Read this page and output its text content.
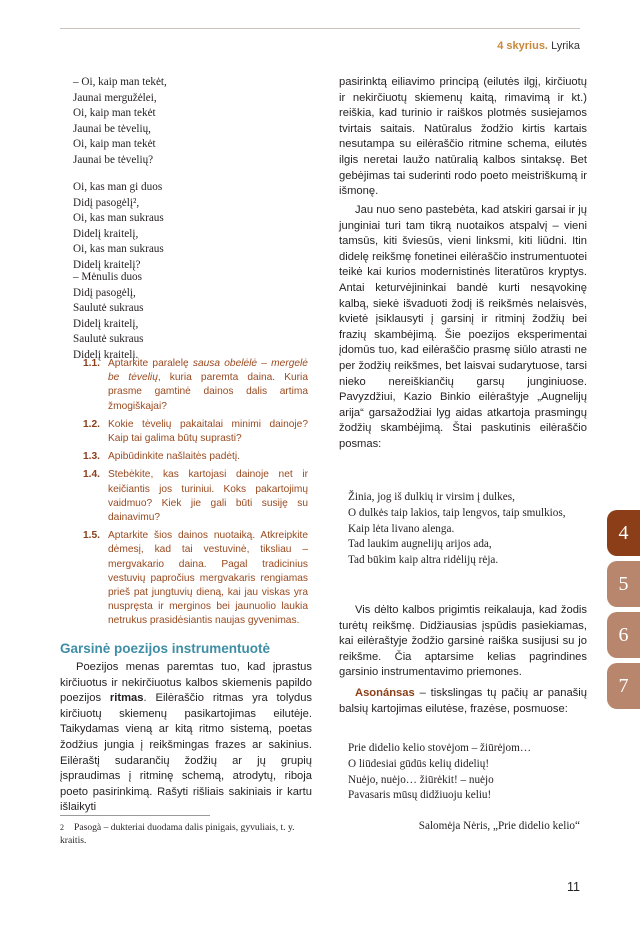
4 skyrius. Lyrika
– Oi, kaip man tekėt,
Jaunai mergužėlei,
Oi, kaip man tekėt
Jaunai be tėvelių,
Oi, kaip man tekėt
Jaunai be tėvelių?
Oi, kas man gi duos
Didį pasogėlį²,
Oi, kas man sukraus
Didelį kraitelį,
Oi, kas man sukraus
Didelį kraitelį?
– Mėnulis duos
Didį pasogėlį,
Saulutė sukraus
Didelį kraitelį,
Saulutė sukraus
Didelį kraitelį.
1.1. Aptarkite paralelę sausa obelėlė – mergelė be tėvelių, kuria paremta daina. Kuria prasme gamtinė dainos dalis artima žmogiškajai?
1.2. Kokie tėvelių pakaitalai minimi dainoje? Kaip tai galima būtų suprasti?
1.3. Apibūdinkite našlaitės padėtį.
1.4. Stebėkite, kas kartojasi dainoje net ir keičiantis jos turiniui. Koks pakartojimų vaidmuo? Kiek jie gali būti susiję su dainavimu?
1.5. Aptarkite šios dainos nuotaiką. Atkreipkite dėmesį, kad tai vestuvinė, tiksliau – mergvakario daina. Pagal tradicinius vestuvių papročius mergvakaris rengiamas prieš pat jungtuvių dieną, kai jau viskas yra nuspręsta ir merginos bei jaunuolio laukia netrukus prasidėsiantis naujas gyvenimas.
Garsinė poezijos instrumentuotė
Poezijos menas paremtas tuo, kad įprastus kirčiuotus ir nekirčiuotus kalbos skiemenis papildo poezijos ritmas. Eilėraščio ritmas yra tolydus kirčiuotų skiemenų pasikartojimas eilutėje. Taikydamas vieną ar kitą ritmo sistemą, poetas žodžius jungia į reikšmingas frazes ar sakinius. Eilėraštį sudarančių žodžių ar jų grupių įspraudimas į ritminę schemą, atrodytų, riboja poeto pasirinkimą. Rašyti rišliais sakiniais ir kartu išlaikyti
2 Pasogà – dukteriai duodama dalis pinigais, gyvuliais, t. y. kraitis.
pasirinktą eiliavimo principą (eilutės ilgį, kirčiuotų ir nekirčiuotų skiemenų kaitą, rimavimą ir kt.) reiškia, kad turinio ir raiškos plotmės susiejamos tvirtais saitais. Natūralus žodžio kirtis kartais nesutampa su eilėraščio ritmine schema, eilutės ilgis neretai laužo natūralią kalbos sintaksę. Bet gebėjimas tai suderinti rodo poeto meistriškumą ir išmonę.
Jau nuo seno pastebėta, kad atskiri garsai ir jų junginiai turi tam tikrą nuotaikos atspalvį – vieni tamsūs, kiti šviesūs, vieni linksmi, kiti liūdni. Itin didelę reikšmę fonetinei eilėraščio instrumentuotei teikė kai kurios modernistinės literatūros kryptys. Antai keturvėjininkai bandė kurti nesąvokinę kalbą, siekė išvaduoti žodį iš reikšmės nelaisvės, kvietė įsiklausyti į garsinį ir ritminį žodžių bei frazių skambėjimą. Šie poezijos eksperimentai įdomūs tuo, kad eilėraščio prasmę siūlo atrasti ne per žodžių reikšmes, bet laisvai sudarytuose, tarsi nieko nereiškiančių garsų junginiuose. Pavyzdžiui, Kazio Binkio eilėraštyje „Augnelijų arija“ garsažodžiai lyg aidas atkartoja prasmingų žodžių skambėjimą. Štai paskutinis eilėraščio posmas:
Žinia, jog iš dulkių ir virsim į dulkes,
O dulkės taip lakios, taip lengvos, taip smulkios,
Kaip lėta livano alenga.
Tad laukim augnelijų arijos ada,
Tad būkim kaip altra ridėlijų rėja.
Vis dėlto kalbos prigimtis reikalauja, kad žodis turėtų reikšmę. Didžiausias įspūdis pasiekiamas, kai eilėraštyje žodžio garsinė raiška susijusi su jo reikšme. Čia aptarsime kelias pagrindines garsinio instrumentavimo priemones.
Asonánsas – tiskslingas tų pačių ar panašių balsių kartojimas eilutėse, frazėse, posmuose:
Prie didelio kelio stovėjom – žiūrėjom…
O liūdesiai gūdūs kelių didelių!
Nuėjo, nuėjo… žiūrėkit! – nuėjo
Pavasaris mūsų didžiuoju keliu!
Salomėja Nėris, „Prie didelio kelio“
4
5
6
7
11
